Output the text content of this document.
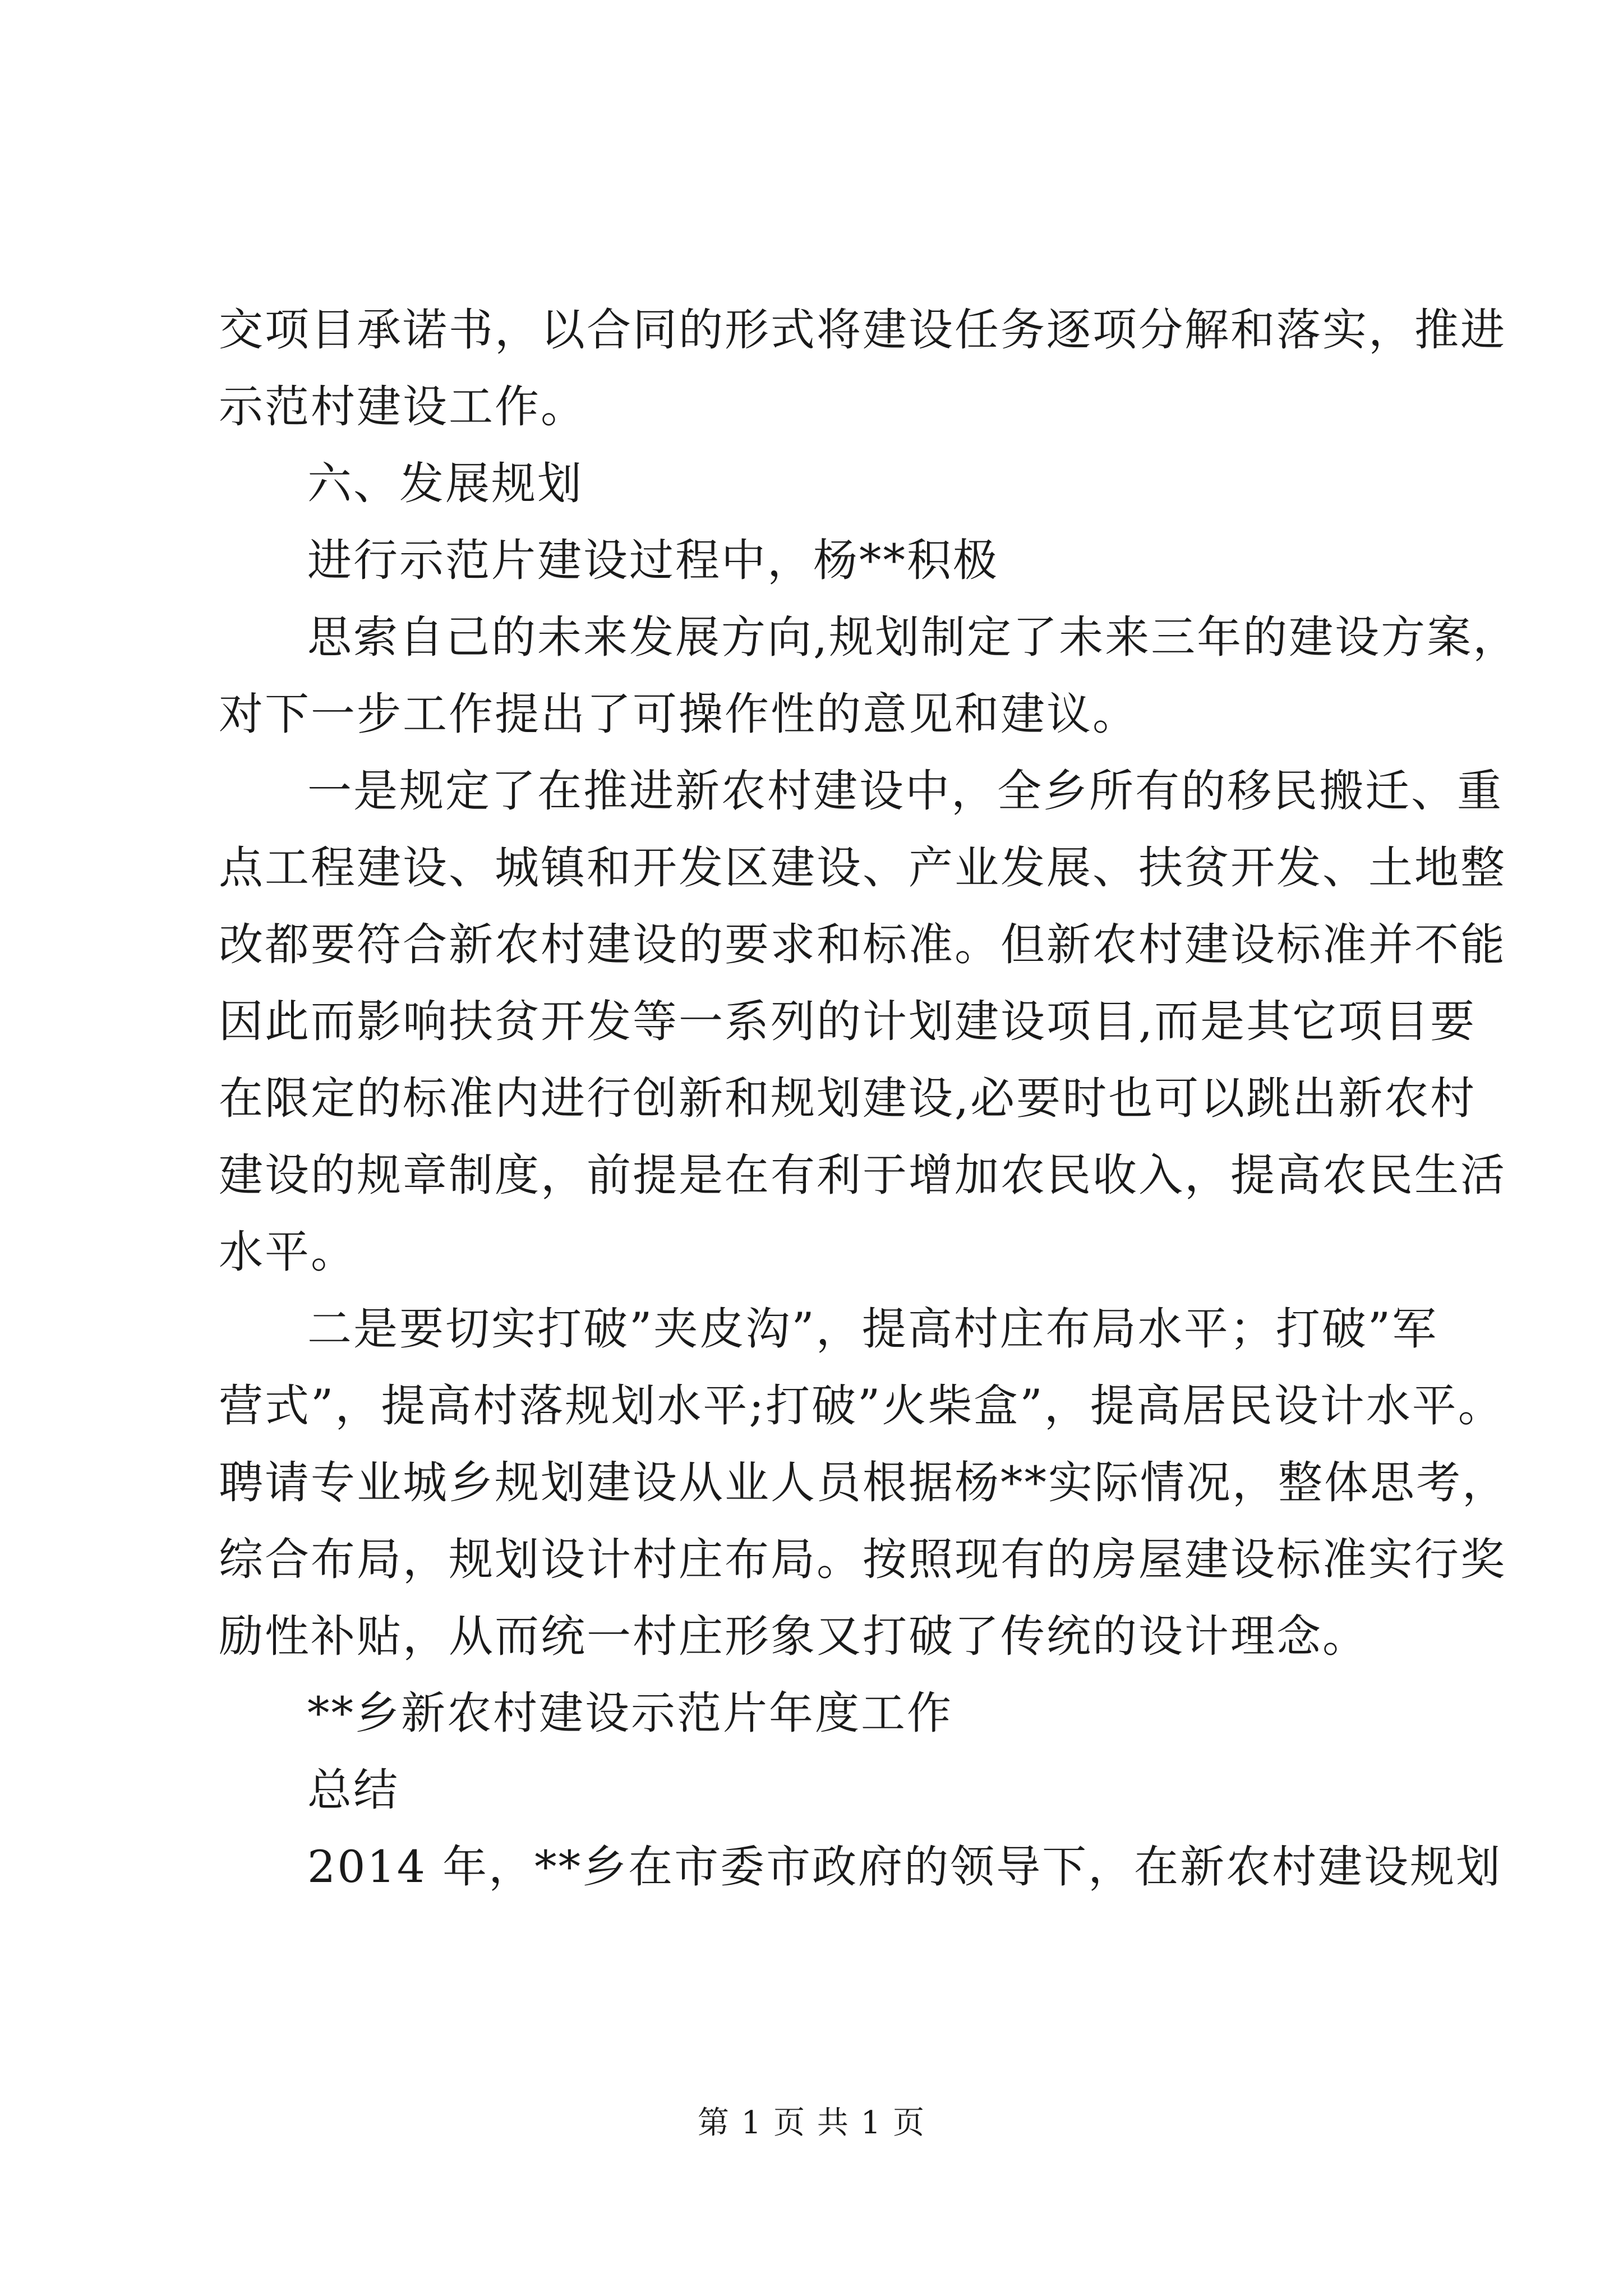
交项目承诺书，以合同的形式将建设任务逐项分解和落实，推进
示范村建设工作。
六、发展规划
进行示范片建设过程中，杨**积极
思索自己的未来发展方向,规划制定了未来三年的建设方案，
对下一步工作提出了可操作性的意见和建议。
一是规定了在推进新农村建设中，全乡所有的移民搬迁、重
点工程建设、城镇和开发区建设、产业发展、扶贫开发、土地整
改都要符合新农村建设的要求和标准。但新农村建设标准并不能
因此而影响扶贫开发等一系列的计划建设项目,而是其它项目要
在限定的标准内进行创新和规划建设,必要时也可以跳出新农村
建设的规章制度，前提是在有利于增加农民收入，提高农民生活
水平。
二是要切实打破”夹皮沟”，提高村庄布局水平；打破”军
营式”，提高村落规划水平;打破”火柴盒”，提高居民设计水平。
聘请专业城乡规划建设从业人员根据杨**实际情况，整体思考，
综合布局，规划设计村庄布局。按照现有的房屋建设标准实行奖
励性补贴，从而统一村庄形象又打破了传统的设计理念。
**乡新农村建设示范片年度工作
总结
2014 年，**乡在市委市政府的领导下，在新农村建设规划
第 1 页 共 1 页
